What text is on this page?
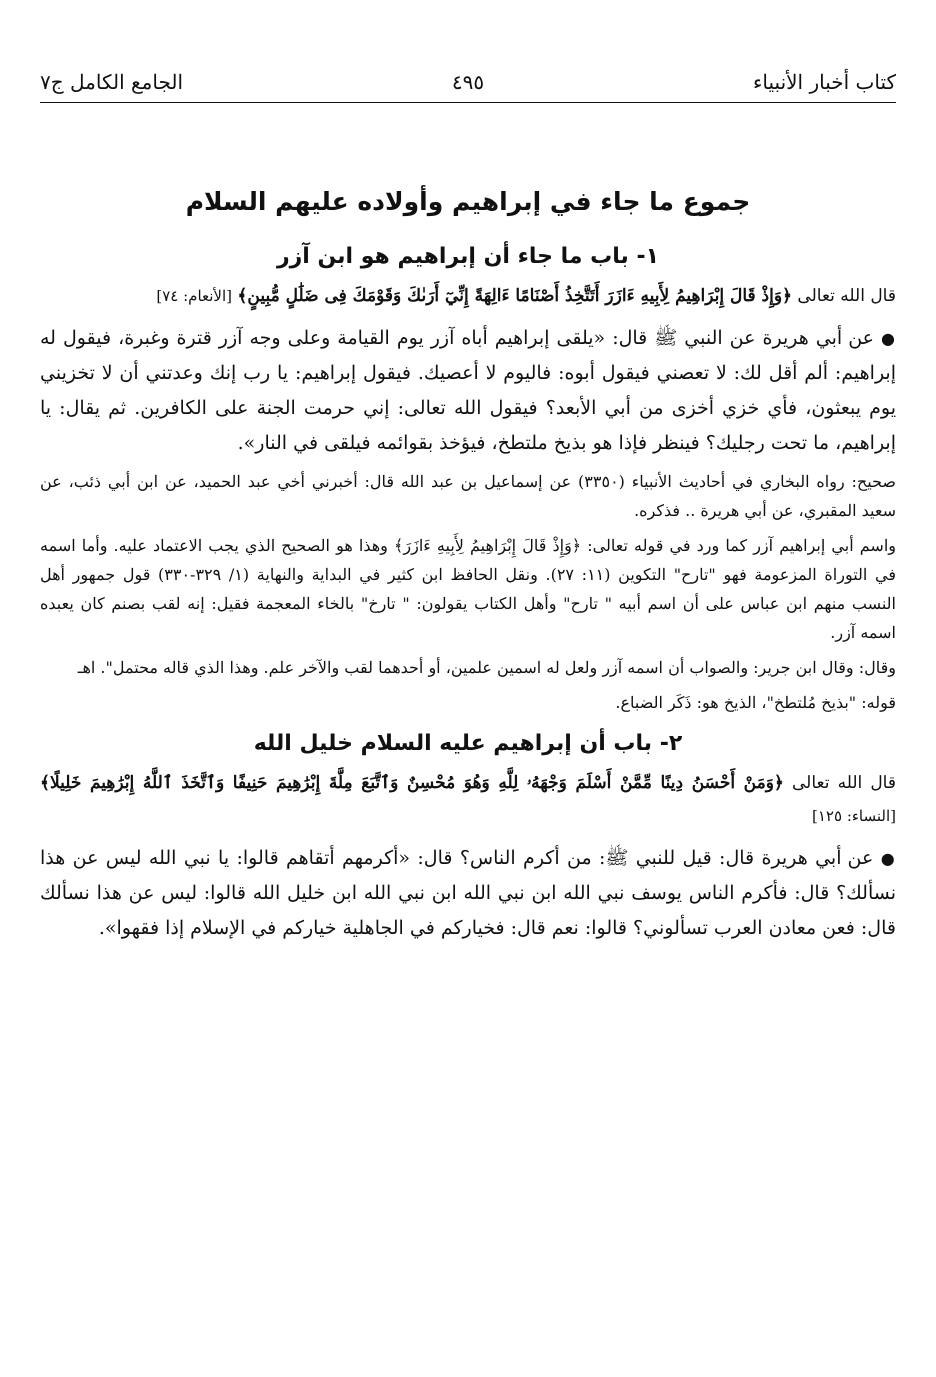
كتاب أخبار الأنبياء
٤٩٥
الجامع الكامل ج٧
جموع ما جاء في إبراهيم وأولاده عليهم السلام
١- باب ما جاء أن إبراهيم هو ابن آزر

قال الله تعالى ﴿وَإِذْ قَالَ إِبْرَاهِيمُ لِأَبِيهِ ءَازَرَ أَتَتَّخِذُ أَصْنَامًا ءَالِهَةً إِنِّيٓ أَرَىٰكَ وَقَوْمَكَ فِى ضَلَٰلٍ مُّبِينٍ﴾ [الأنعام: ٧٤]

● عن أبي هريرة عن النبي ﷺ قال: «يلقى إبراهيم أباه آزر يوم القيامة وعلى وجه آزر قترة وغبرة، فيقول له إبراهيم: ألم أقل لك: لا تعصني فيقول أبوه: فاليوم لا أعصيك. فيقول إبراهيم: يا رب إنك وعدتني أن لا تخزيني يوم يبعثون، فأي خزي أخزى من أبي الأبعد؟ فيقول الله تعالى: إني حرمت الجنة على الكافرين. ثم يقال: يا إبراهيم، ما تحت رجليك؟ فينظر فإذا هو بذيخ ملتطخ، فيؤخذ بقوائمه فيلقى في النار».

صحيح: رواه البخاري في أحاديث الأنبياء (٣٣٥٠) عن إسماعيل بن عبد الله قال: أخبرني أخي عبد الحميد، عن ابن أبي ذئب، عن سعيد المقبري، عن أبي هريرة .. فذكره.

واسم أبي إبراهيم آزر كما ورد في قوله تعالى: ﴿وَإِذْ قَالَ إِبْرَاهِيمُ لِأَبِيهِ ءَازَرَ﴾ وهذا هو الصحيح الذي يجب الاعتماد عليه. وأما اسمه في التوراة المزعومة فهو "تارح" التكوين (١١: ٢٧). ونقل الحافظ ابن كثير في البداية والنهاية (١/ ٣٢٩-٣٣٠) قول جمهور أهل النسب منهم ابن عباس على أن اسم أبيه " تارح" وأهل الكتاب يقولون: " تارخ" بالخاء المعجمة فقيل: إنه لقب بصنم كان يعبده اسمه آزر.

وقال: وقال ابن جرير: والصواب أن اسمه آزر ولعل له اسمين علمين، أو أحدهما لقب والآخر علم. وهذا الذي قاله محتمل". اهـ

قوله: "بذيخ مُلتطخ"، الذيخ هو: ذَكَر الضباع.

٢- باب أن إبراهيم عليه السلام خليل الله

قال الله تعالى ﴿وَمَنْ أَحْسَنُ دِينًا مِّمَّنْ أَسْلَمَ وَجْهَهُۥ لِلَّهِ وَهُوَ مُحْسِنٌ وَٱتَّبَعَ مِلَّةَ إِبْرَٰهِيمَ حَنِيفًا وَٱتَّخَذَ ٱللَّهُ إِبْرَٰهِيمَ خَلِيلًا﴾ [النساء: ١٢٥]

● عن أبي هريرة قال: قيل للنبي ﷺ: من أكرم الناس؟ قال: «أكرمهم أتقاهم قالوا: يا نبي الله ليس عن هذا نسألك؟ قال: فأكرم الناس يوسف نبي الله ابن نبي الله ابن نبي الله ابن خليل الله قالوا: ليس عن هذا نسألك قال: فعن معادن العرب تسألوني؟ قالوا: نعم قال: فخياركم في الجاهلية خياركم في الإسلام إذا فقهوا».
